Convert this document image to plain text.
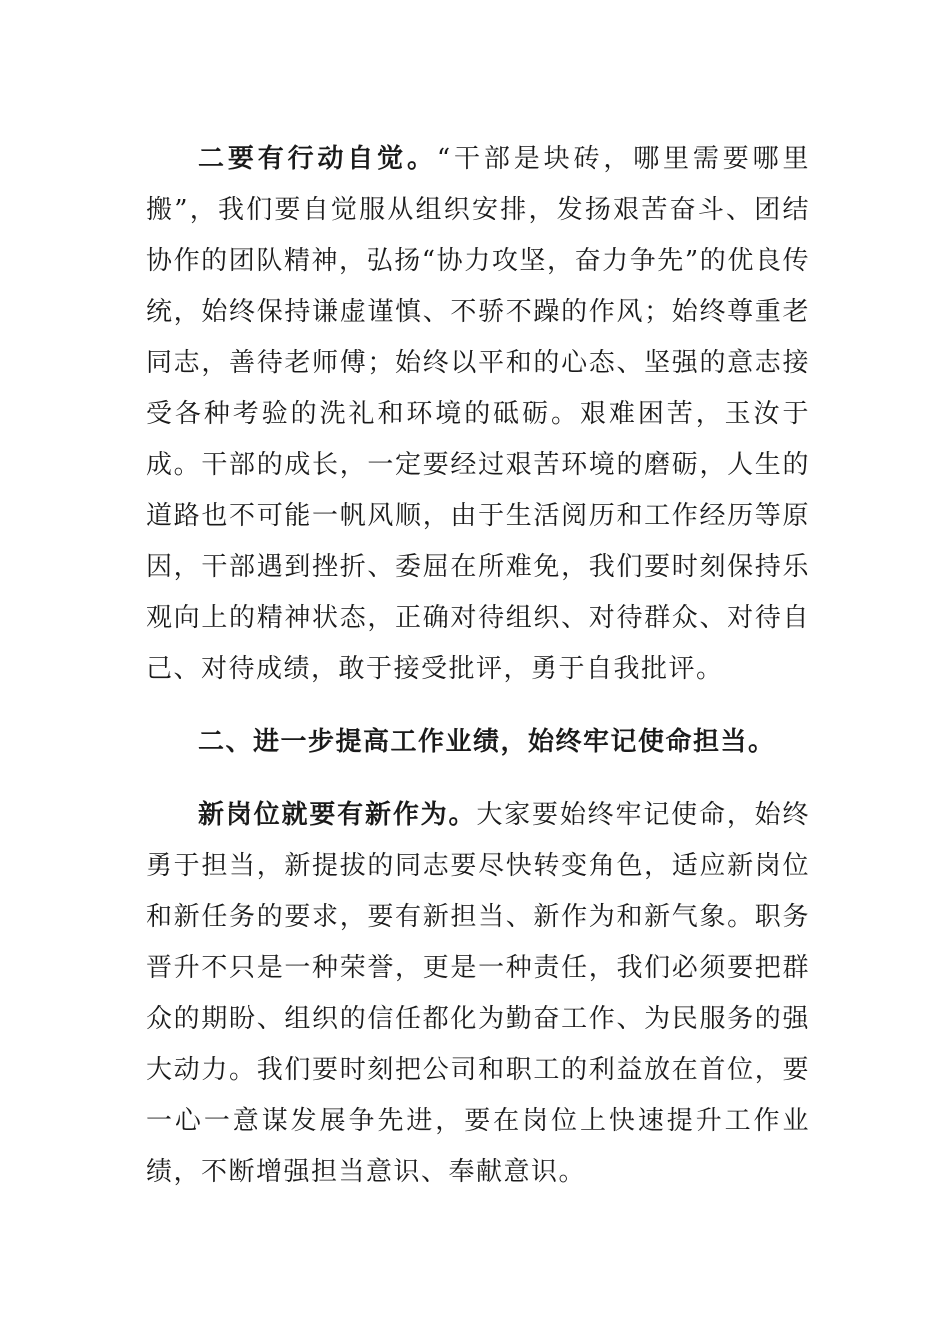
二要有行动自觉。“干部是块砖，哪里需要哪里搬”，我们要自觉服从组织安排，发扬艰苦奋斗、团结协作的团队精神，弘扬“协力攻坚，奋力争先”的优良传统，始终保持谦虚谨慎、不骄不躁的作风；始终尊重老同志，善待老师傅；始终以平和的心态、坚强的意志接受各种考验的洗礼和环境的砥砺。艰难困苦，玉汝于成。干部的成长，一定要经过艰苦环境的磨砺，人生的道路也不可能一帆风顺，由于生活阅历和工作经历等原因，干部遇到挫折、委屈在所难免，我们要时刻保持乐观向上的精神状态，正确对待组织、对待群众、对待自己、对待成绩，敢于接受批评，勇于自我批评。

二、进一步提高工作业绩，始终牢记使命担当。

新岗位就要有新作为。大家要始终牢记使命，始终勇于担当，新提拔的同志要尽快转变角色，适应新岗位和新任务的要求，要有新担当、新作为和新气象。职务晋升不只是一种荣誉，更是一种责任，我们必须要把群众的期盼、组织的信任都化为勤奋工作、为民服务的强大动力。我们要时刻把公司和职工的利益放在首位，要一心一意谋发展争先进，要在岗位上快速提升工作业绩，不断增强担当意识、奉献意识。
